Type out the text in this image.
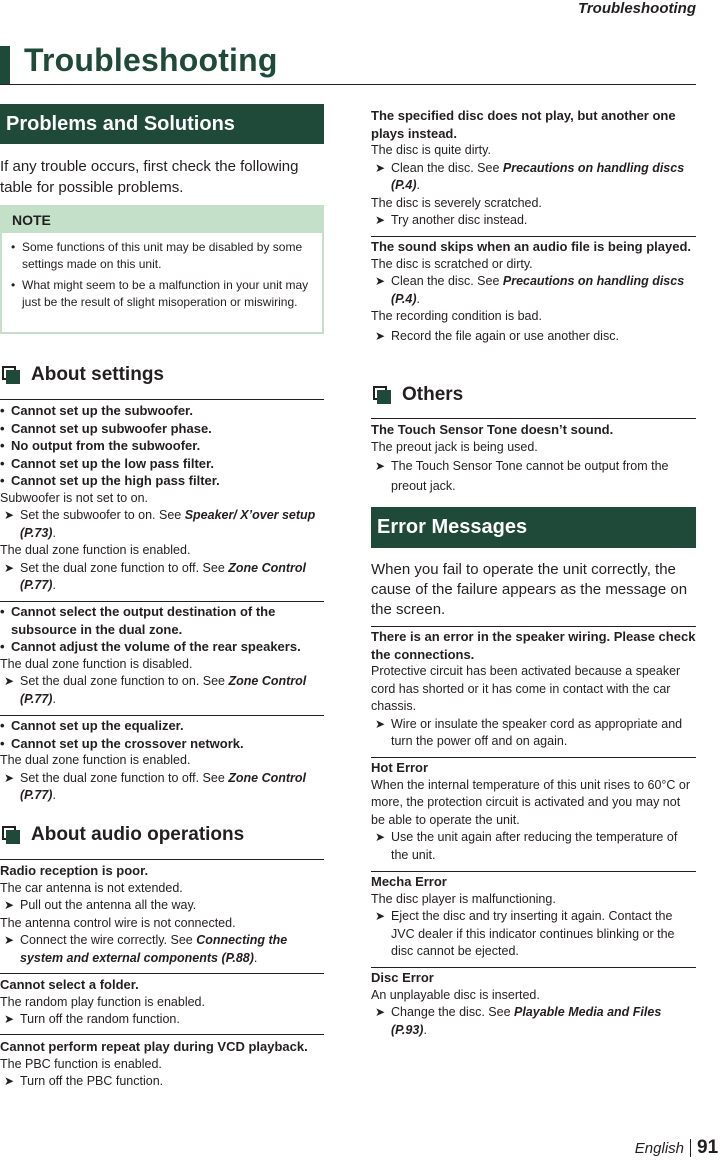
Troubleshooting
Troubleshooting
Problems and Solutions
If any trouble occurs, first check the following table for possible problems.
NOTE
• Some functions of this unit may be disabled by some settings made on this unit.
• What might seem to be a malfunction in your unit may just be the result of slight misoperation or miswiring.
About settings
• Cannot set up the subwoofer.
• Cannot set up subwoofer phase.
• No output from the subwoofer.
• Cannot set up the low pass filter.
• Cannot set up the high pass filter.
Subwoofer is not set to on.
➤ Set the subwoofer to on. See Speaker/ X’over setup (P.73).
The dual zone function is enabled.
➤ Set the dual zone function to off. See Zone Control (P.77).
• Cannot select the output destination of the subsource in the dual zone.
• Cannot adjust the volume of the rear speakers.
The dual zone function is disabled.
➤ Set the dual zone function to on. See Zone Control (P.77).
• Cannot set up the equalizer.
• Cannot set up the crossover network.
The dual zone function is enabled.
➤ Set the dual zone function to off. See Zone Control (P.77).
About audio operations
Radio reception is poor.
The car antenna is not extended.
➤ Pull out the antenna all the way.
The antenna control wire is not connected.
➤ Connect the wire correctly. See Connecting the system and external components (P.88).
Cannot select a folder.
The random play function is enabled.
➤ Turn off the random function.
Cannot perform repeat play during VCD playback.
The PBC function is enabled.
➤ Turn off the PBC function.
The specified disc does not play, but another one plays instead.
The disc is quite dirty.
➤ Clean the disc. See Precautions on handling discs (P.4).
The disc is severely scratched.
➤ Try another disc instead.
The sound skips when an audio file is being played.
The disc is scratched or dirty.
➤ Clean the disc. See Precautions on handling discs (P.4).
The recording condition is bad.
➤ Record the file again or use another disc.
Others
The Touch Sensor Tone doesn’t sound.
The preout jack is being used.
➤ The Touch Sensor Tone cannot be output from the preout jack.
Error Messages
When you fail to operate the unit correctly, the cause of the failure appears as the message on the screen.
There is an error in the speaker wiring. Please check the connections.
Protective circuit has been activated because a speaker cord has shorted or it has come in contact with the car chassis.
➤ Wire or insulate the speaker cord as appropriate and turn the power off and on again.
Hot Error
When the internal temperature of this unit rises to 60°C or more, the protection circuit is activated and you may not be able to operate the unit.
➤ Use the unit again after reducing the temperature of the unit.
Mecha Error
The disc player is malfunctioning.
➤ Eject the disc and try inserting it again. Contact the JVC dealer if this indicator continues blinking or the disc cannot be ejected.
Disc Error
An unplayable disc is inserted.
➤ Change the disc. See Playable Media and Files (P.93).
English 91
